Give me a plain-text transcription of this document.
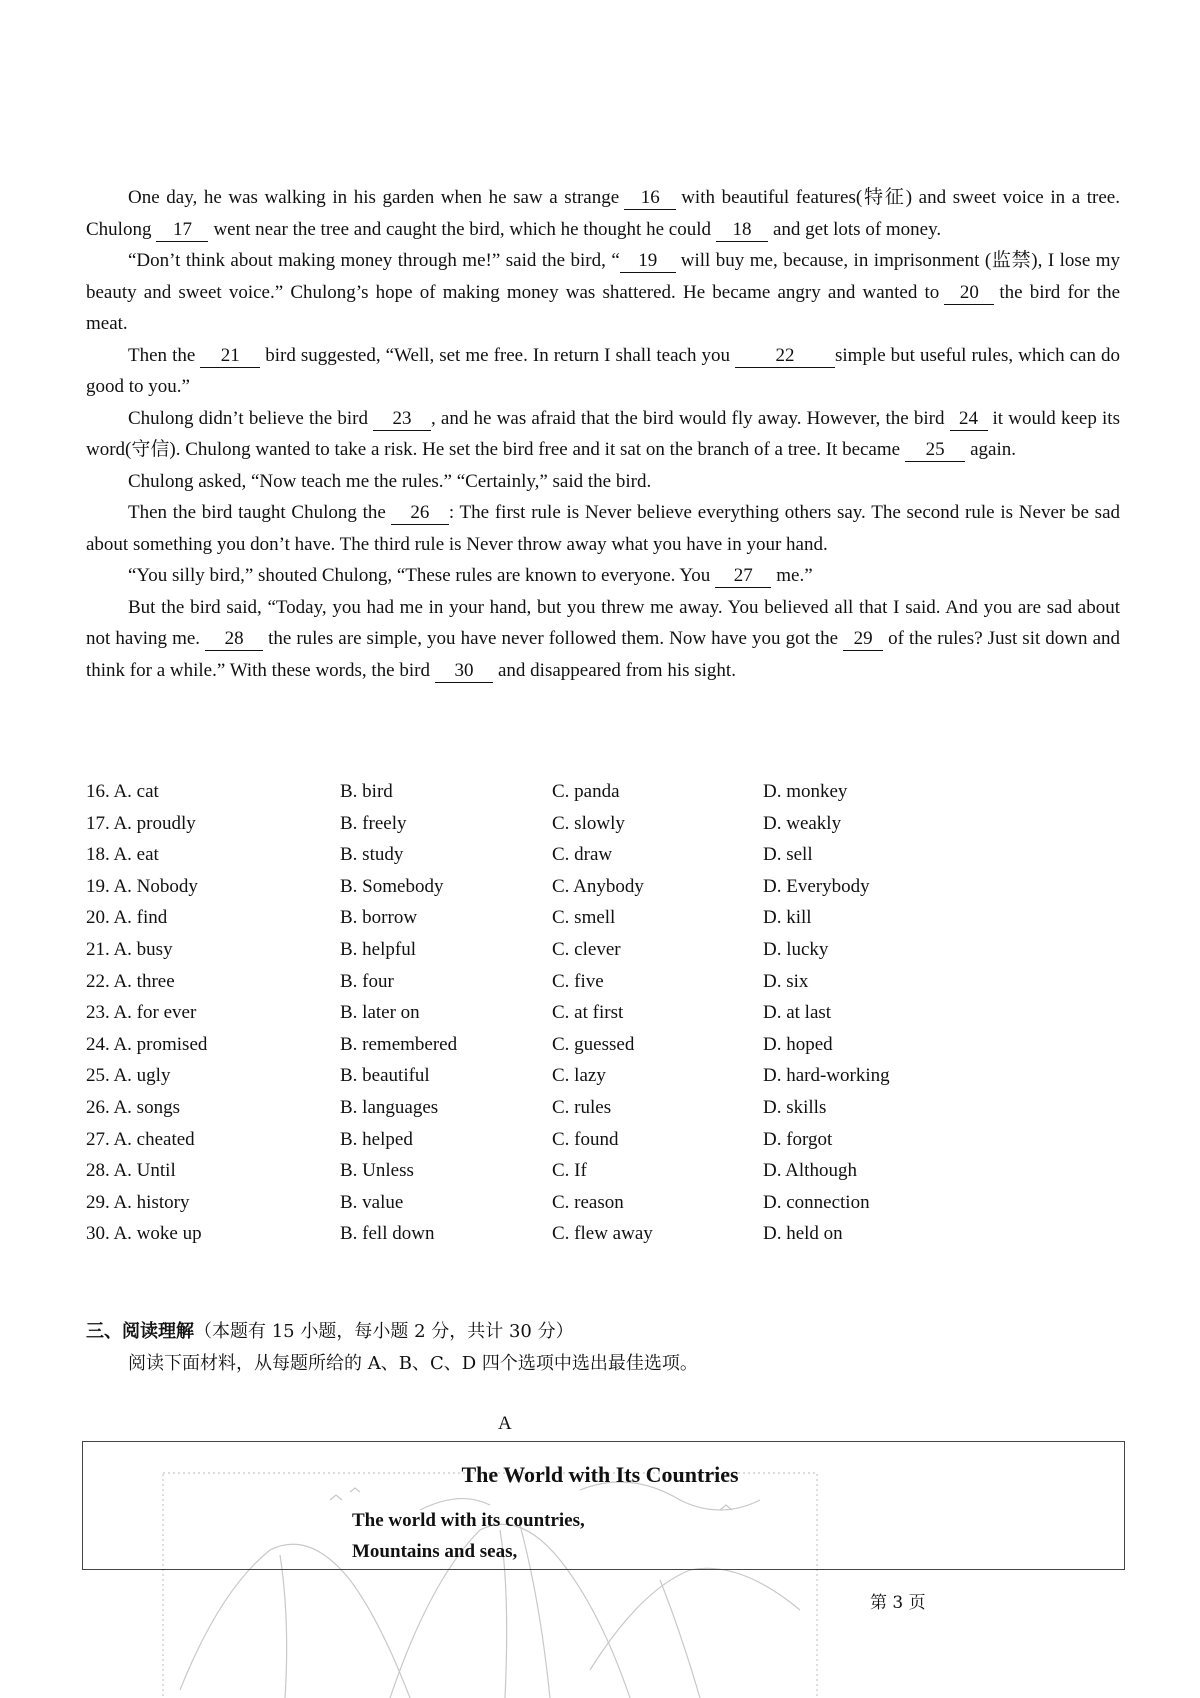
One day, he was walking in his garden when he saw a strange 16 with beautiful features(特征) and sweet voice in a tree. Chulong 17 went near the tree and caught the bird, which he thought he could 18 and get lots of money.

“Don’t think about making money through me!” said the bird, “ 19 will buy me, because, in imprisonment (监禁), I lose my beauty and sweet voice.” Chulong’s hope of making money was shattered. He became angry and wanted to 20 the bird for the meat.

Then the 21 bird suggested, “Well, set me free. In return I shall teach you 22 simple but useful rules, which can do good to you.”

Chulong didn’t believe the bird 23 , and he was afraid that the bird would fly away. However, the bird 24 it would keep its word(守信). Chulong wanted to take a risk. He set the bird free and it sat on the branch of a tree. It became 25 again.

Chulong asked, “Now teach me the rules.” “Certainly,” said the bird.

Then the bird taught Chulong the 26 : The first rule is Never believe everything others say. The second rule is Never be sad about something you don’t have. The third rule is Never throw away what you have in your hand.

“You silly bird,” shouted Chulong, “These rules are known to everyone. You 27 me.”

But the bird said, “Today, you had me in your hand, but you threw me away. You believed all that I said. And you are sad about not having me. 28 the rules are simple, you have never followed them. Now have you got the 29 of the rules? Just sit down and think for a while.” With these words, the bird 30 and disappeared from his sight.

16. A. cat	B. bird	C. panda	D. monkey
17. A. proudly	B. freely	C. slowly	D. weakly
18. A. eat	B. study	C. draw	D. sell
19. A. Nobody	B. Somebody	C. Anybody	D. Everybody
20. A. find	B. borrow	C. smell	D. kill
21. A. busy	B. helpful	C. clever	D. lucky
22. A. three	B. four	C. five	D. six
23. A. for ever	B. later on	C. at first	D. at last
24. A. promised	B. remembered	C. guessed	D. hoped
25. A. ugly	B. beautiful	C. lazy	D. hard-working
26. A. songs	B. languages	C. rules	D. skills
27. A. cheated	B. helped	C. found	D. forgot
28. A. Until	B. Unless	C. If	D. Although
29. A. history	B. value	C. reason	D. connection
30. A. woke up	B. fell down	C. flew away	D. held on
三、阅读理解（本题有 15 小题，每小题 2 分，共计 30 分）
阅读下面材料，从每题所给的 A、B、C、D 四个选项中选出最佳选项。
A
The World with Its Countries
The world with its countries,
Mountains and seas,
第 3 页
